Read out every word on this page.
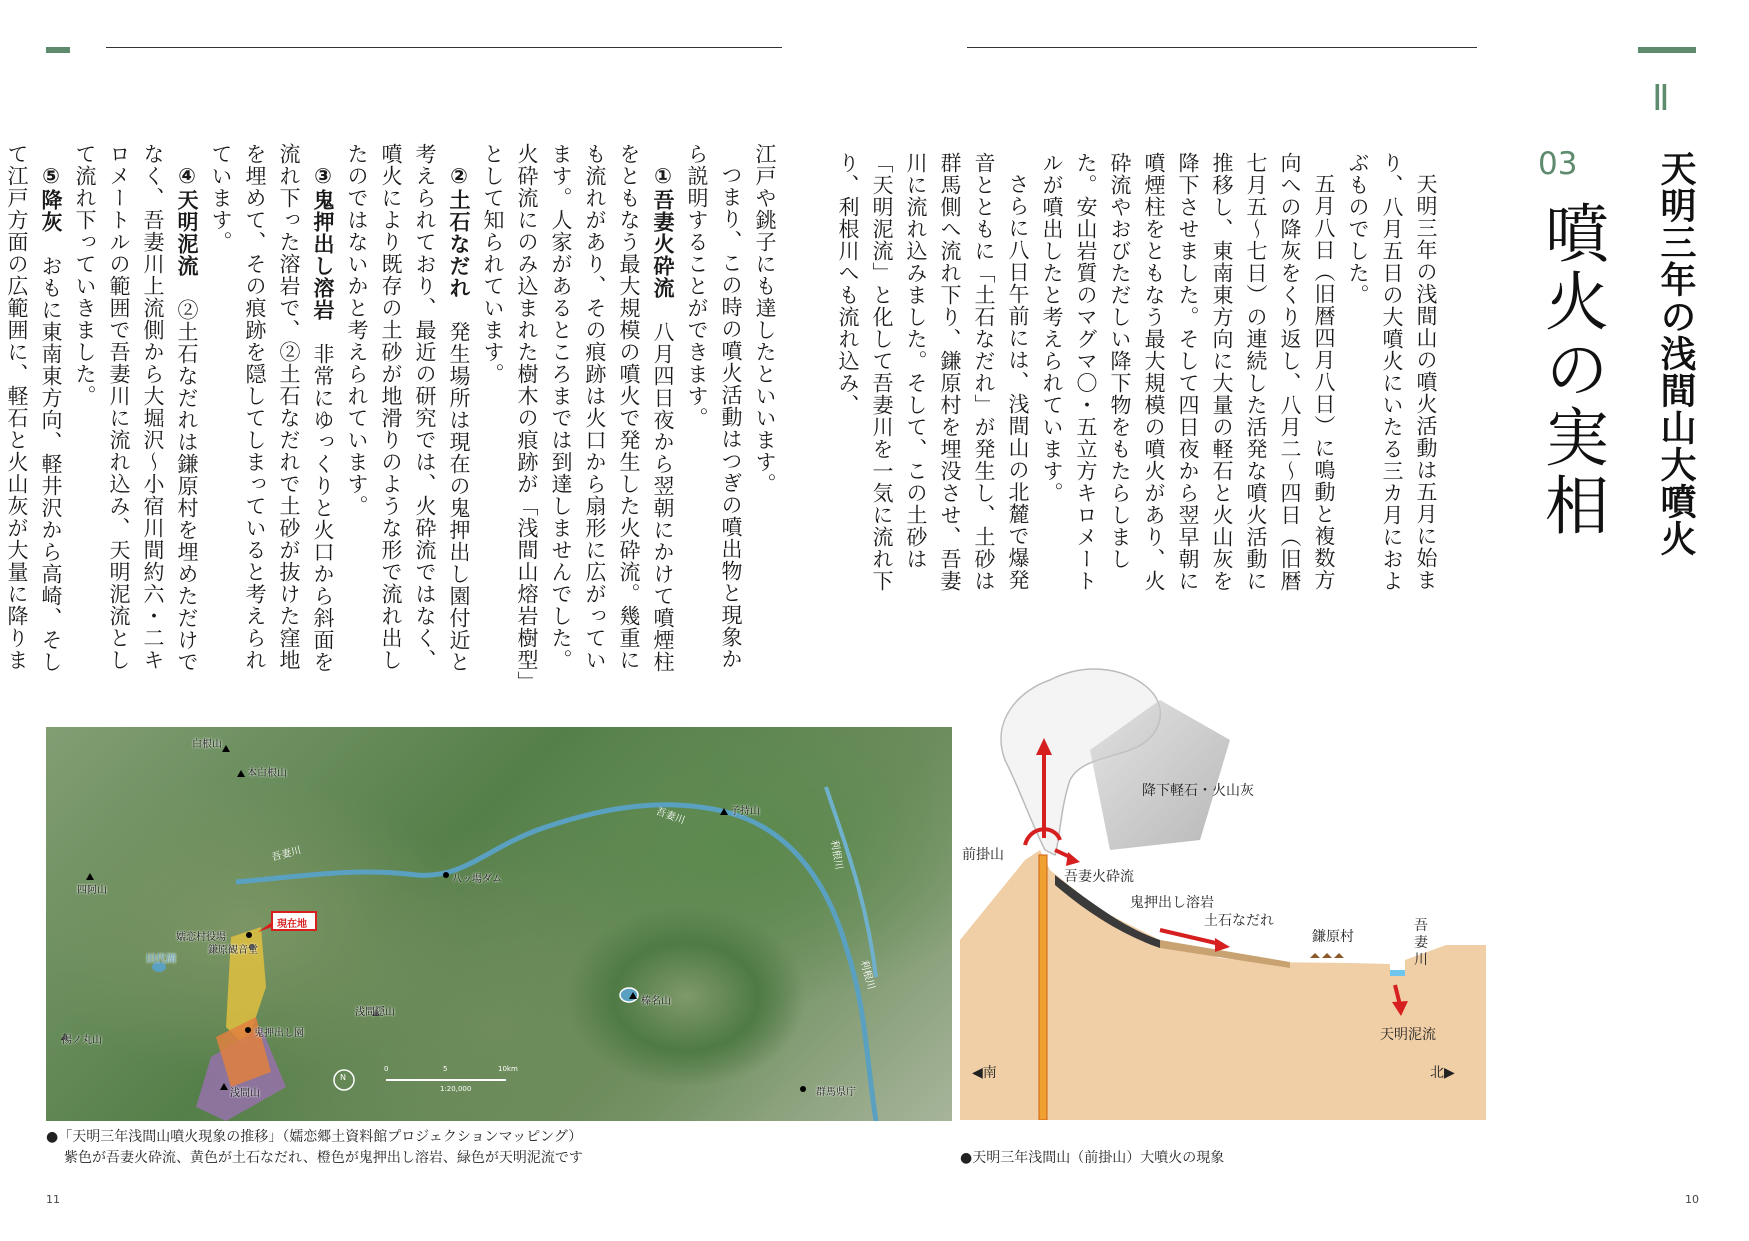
Ⅱ
天明三年の浅間山大噴火
03
噴火の実相

天明三年の浅間山の噴火活動は五月に始まり、八月五日の大噴火にいたる三カ月におよぶものでした。

五月八日（旧暦四月八日）に鳴動と複数方向への降灰をくり返し、八月二〜四日（旧暦七月五〜七日）の連続した活発な噴火活動に推移し、東南東方向に大量の軽石と火山灰を降下させました。そして四日夜から翌早朝に噴煙柱をともなう最大規模の噴火があり、火砕流やおびただしい降下物をもたらしました。安山岩質のマグマ〇・五立方キロメートルが噴出したと考えられています。

さらに八日午前には、浅間山の北麓で爆発音とともに「土石なだれ」が発生し、土砂は群馬側へ流れ下り、鎌原村を埋没させ、吾妻川に流れ込みました。そして、この土砂は「天明泥流」と化して吾妻川を一気に流れ下り、利根川へも流れ込み、

江戸や銚子にも達したといいます。

つまり、この時の噴火活動はつぎの噴出物と現象から説明することができます。

①吾妻火砕流　八月四日夜から翌朝にかけて噴煙柱をともなう最大規模の噴火で発生した火砕流。幾重にも流れがあり、その痕跡は火口から扇形に広がっています。人家があるところまでは到達しませんでした。火砕流にのみ込まれた樹木の痕跡が「浅間山熔岩樹型」として知られています。

②土石なだれ　発生場所は現在の鬼押出し園付近と考えられており、最近の研究では、火砕流ではなく、噴火により既存の土砂が地滑りのような形で流れ出したのではないかと考えられています。

③鬼押出し溶岩　非常にゆっくりと火口から斜面を流れ下った溶岩で、②土石なだれで土砂が抜けた窪地を埋めて、その痕跡を隠してしまっていると考えられています。

④天明泥流　②土石なだれは鎌原村を埋めただけでなく、吾妻川上流側から大堀沢〜小宿川間約六・二キロメートルの範囲で吾妻川に流れ込み、天明泥流として流れ下っていきました。

⑤降灰　おもに東南東方向、軽井沢から高崎、そして江戸方面の広範囲に、軽石と火山灰が大量に降りま

白根山
本白根山
四阿山
吾妻川
八ッ場ダム
現在地
嬬恋村役場
鎌原観音堂
田代湖
湯ノ丸山
鬼押出し園
浅間山
浅間隠山
榛名山
子持山
吾妻川
利根川
利根川
群馬県庁
1:20,000
0	5	10km
N
●「天明三年浅間山噴火現象の推移」（嬬恋郷土資料館プロジェクションマッピング）
紫色が吾妻火砕流、黄色が土石なだれ、橙色が鬼押出し溶岩、緑色が天明泥流です
降下軽石・火山灰
前掛山
吾妻火砕流
鬼押出し溶岩
土石なだれ
鎌原村
吾妻川
天明泥流
◀南	北▶
●天明三年浅間山（前掛山）大噴火の現象
11	10
